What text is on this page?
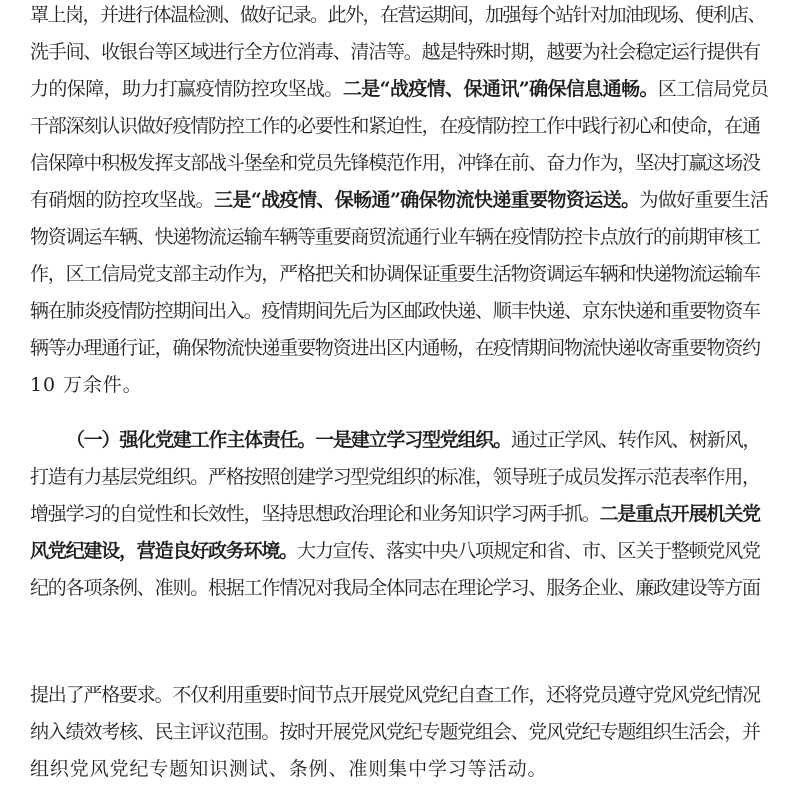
罩上岗，并进行体温检测、做好记录。此外，在营运期间，加强每个站针对加油现场、便利店、
洗手间、收银台等区域进行全方位消毒、清洁等。越是特殊时期，越要为社会稳定运行提供有
力的保障，助力打赢疫情防控攻坚战。二是“战疫情、保通讯”确保信息通畅。区工信局党员
干部深刻认识做好疫情防控工作的必要性和紧迫性，在疫情防控工作中践行初心和使命，在通
信保障中积极发挥支部战斗堡垒和党员先锋模范作用，冲锋在前、奋力作为，坚决打赢这场没
有硝烟的防控攻坚战。三是“战疫情、保畅通”确保物流快递重要物资运送。为做好重要生活
物资调运车辆、快递物流运输车辆等重要商贸流通行业车辆在疫情防控卡点放行的前期审核工
作，区工信局党支部主动作为，严格把关和协调保证重要生活物资调运车辆和快递物流运输车
辆在肺炎疫情防控期间出入。疫情期间先后为区邮政快递、顺丰快递、京东快递和重要物资车
辆等办理通行证，确保物流快递重要物资进出区内通畅，在疫情期间物流快递收寄重要物资约
10 万余件。
（一）强化党建工作主体责任。一是建立学习型党组织。通过正学风、转作风、树新风，
打造有力基层党组织。严格按照创建学习型党组织的标准，领导班子成员发挥示范表率作用，
增强学习的自觉性和长效性，坚持思想政治理论和业务知识学习两手抓。二是重点开展机关党
风党纪建设，营造良好政务环境。大力宣传、落实中央八项规定和省、市、区关于整顿党风党
纪的各项条例、准则。根据工作情况对我局全体同志在理论学习、服务企业、廉政建设等方面
提出了严格要求。不仅利用重要时间节点开展党风党纪自查工作，还将党员遵守党风党纪情况
纳入绩效考核、民主评议范围。按时开展党风党纪专题党组会、党风党纪专题组织生活会，并
组织党风党纪专题知识测试、条例、准则集中学习等活动。
